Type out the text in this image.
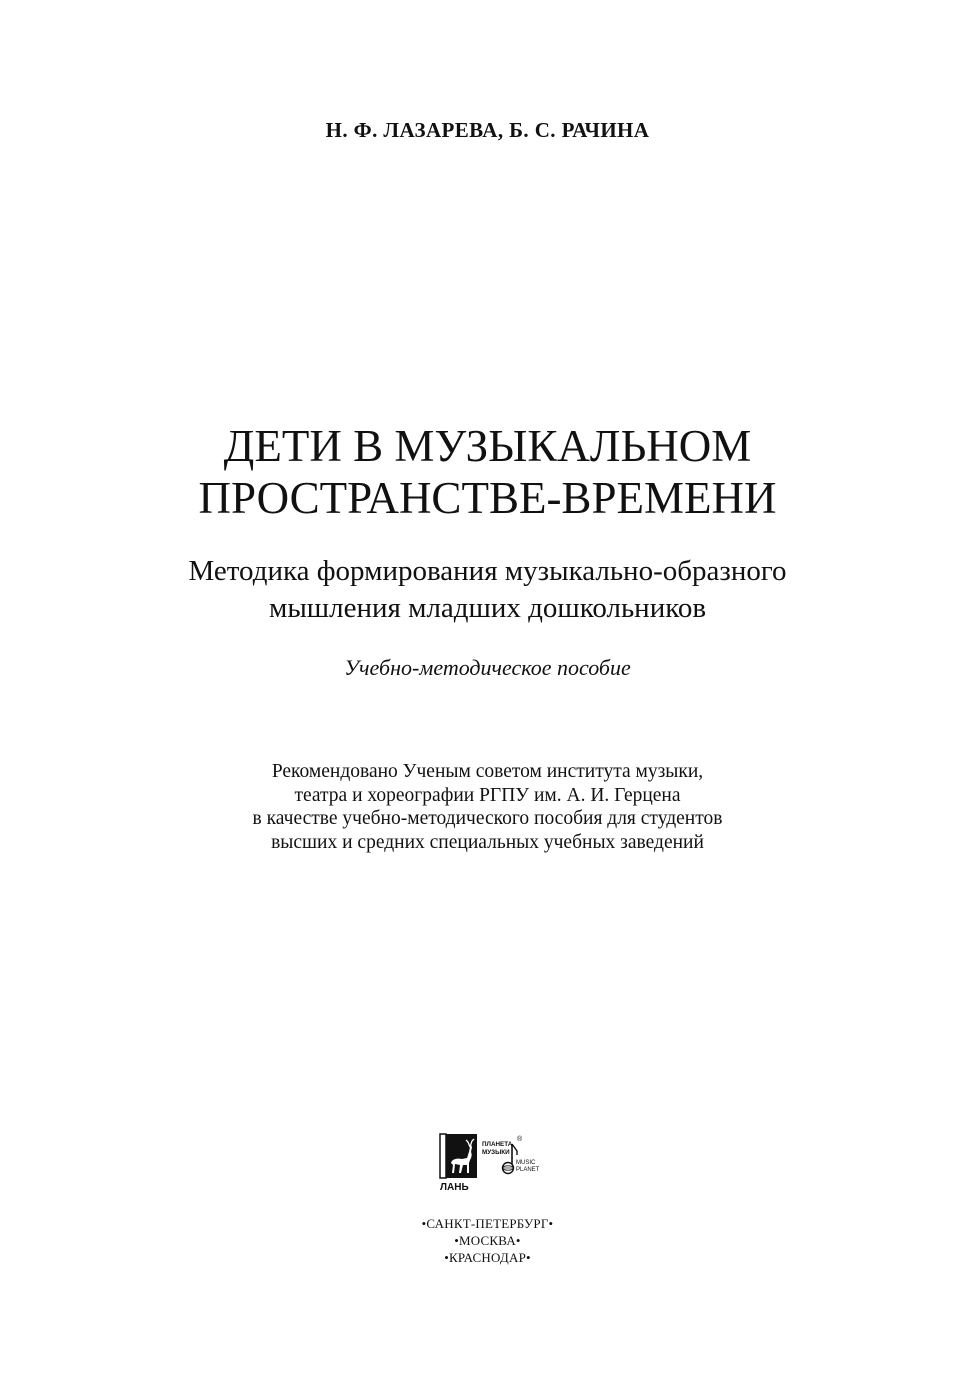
Н. Ф. ЛАЗАРЕВА, Б. С. РАЧИНА
ДЕТИ В МУЗЫКАЛЬНОМ
ПРОСТРАНСТВЕ-ВРЕМЕНИ
Методика формирования музыкально-образного
мышления младших дошкольников
Учебно-методическое пособие
Рекомендовано Ученым советом института музыки,
театра и хореографии РГПУ им. А. И. Герцена
в качестве учебно-методического пособия для студентов
высших и средних специальных учебных заведений
ЛАНЬ
ПЛАНЕТА
МУЗЫКИ
®
MUSIC
PLANET
•САНКТ-ПЕТЕРБУРГ•
•МОСКВА•
•КРАСНОДАР•
